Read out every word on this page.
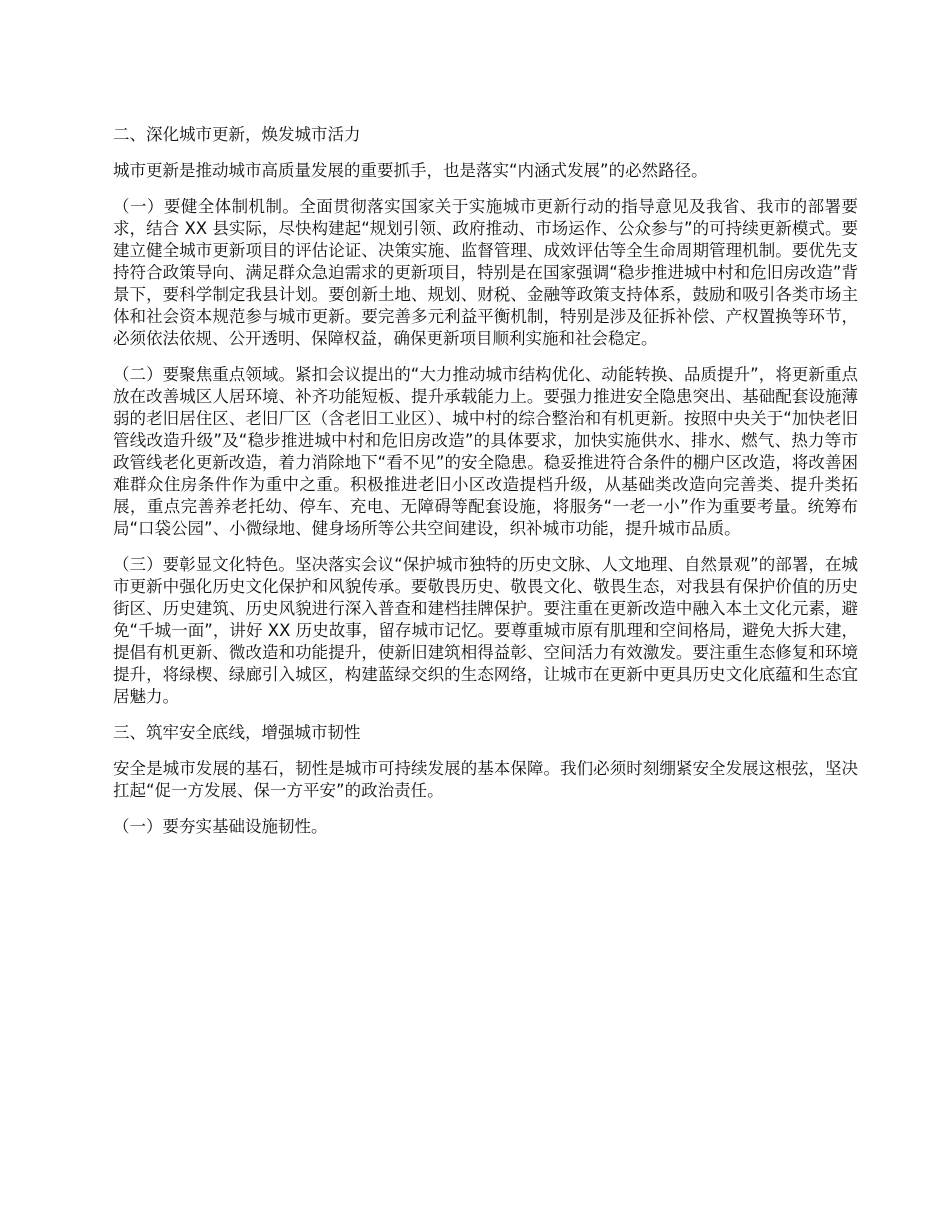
二、深化城市更新，焕发城市活力

城市更新是推动城市高质量发展的重要抓手，也是落实“内涵式发展”的必然路径。

（一）要健全体制机制。全面贯彻落实国家关于实施城市更新行动的指导意见及我省、我市的部署要求，结合 XX 县实际，尽快构建起“规划引领、政府推动、市场运作、公众参与”的可持续更新模式。要建立健全城市更新项目的评估论证、决策实施、监督管理、成效评估等全生命周期管理机制。要优先支持符合政策导向、满足群众急迫需求的更新项目，特别是在国家强调“稳步推进城中村和危旧房改造”背景下，要科学制定我县计划。要创新土地、规划、财税、金融等政策支持体系，鼓励和吸引各类市场主体和社会资本规范参与城市更新。要完善多元利益平衡机制，特别是涉及征拆补偿、产权置换等环节，必须依法依规、公开透明、保障权益，确保更新项目顺利实施和社会稳定。

（二）要聚焦重点领域。紧扣会议提出的“大力推动城市结构优化、动能转换、品质提升”，将更新重点放在改善城区人居环境、补齐功能短板、提升承载能力上。要强力推进安全隐患突出、基础配套设施薄弱的老旧居住区、老旧厂区（含老旧工业区）、城中村的综合整治和有机更新。按照中央关于“加快老旧管线改造升级”及“稳步推进城中村和危旧房改造”的具体要求，加快实施供水、排水、燃气、热力等市政管线老化更新改造，着力消除地下“看不见”的安全隐患。稳妥推进符合条件的棚户区改造，将改善困难群众住房条件作为重中之重。积极推进老旧小区改造提档升级，从基础类改造向完善类、提升类拓展，重点完善养老托幼、停车、充电、无障碍等配套设施，将服务“一老一小”作为重要考量。统筹布局“口袋公园”、小微绿地、健身场所等公共空间建设，织补城市功能，提升城市品质。

（三）要彰显文化特色。坚决落实会议“保护城市独特的历史文脉、人文地理、自然景观”的部署，在城市更新中强化历史文化保护和风貌传承。要敬畏历史、敬畏文化、敬畏生态，对我县有保护价值的历史街区、历史建筑、历史风貌进行深入普查和建档挂牌保护。要注重在更新改造中融入本土文化元素，避免“千城一面”，讲好 XX 历史故事，留存城市记忆。要尊重城市原有肌理和空间格局，避免大拆大建，提倡有机更新、微改造和功能提升，使新旧建筑相得益彰、空间活力有效激发。要注重生态修复和环境提升，将绿楔、绿廊引入城区，构建蓝绿交织的生态网络，让城市在更新中更具历史文化底蕴和生态宜居魅力。

三、筑牢安全底线，增强城市韧性

安全是城市发展的基石，韧性是城市可持续发展的基本保障。我们必须时刻绷紧安全发展这根弦，坚决扛起“促一方发展、保一方平安”的政治责任。

（一）要夯实基础设施韧性。
